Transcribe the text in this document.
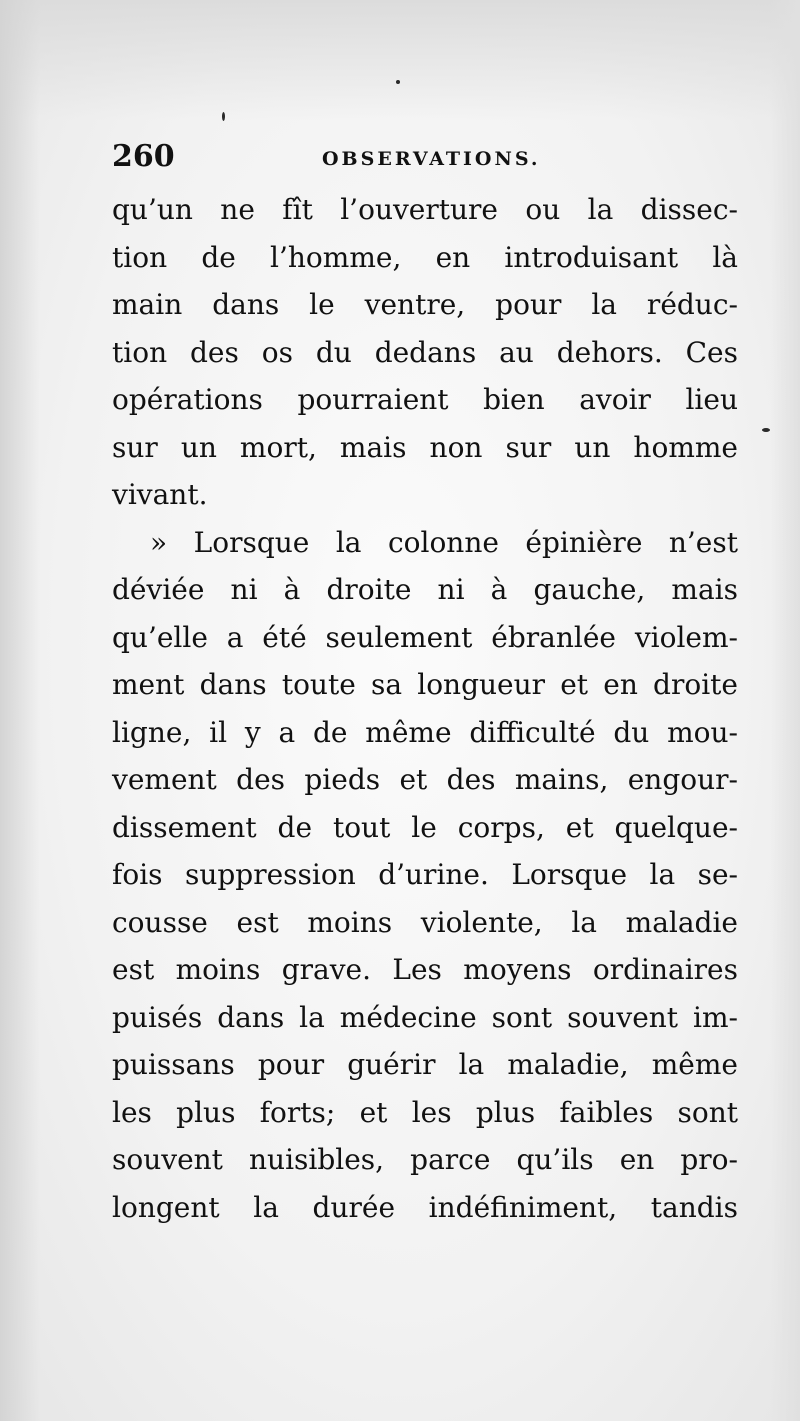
260	OBSERVATIONS.
qu’un ne fît l’ouverture ou la dissec-
tion de l’homme, en introduisant là
main dans le ventre, pour la réduc-
tion des os du dedans au dehors. Ces
opérations pourraient bien avoir lieu
sur un mort, mais non sur un homme
vivant.
» Lorsque la colonne épinière n’est
déviée ni à droite ni à gauche, mais
qu’elle a été seulement ébranlée violem-
ment dans toute sa longueur et en droite
ligne, il y a de même difficulté du mou-
vement des pieds et des mains, engour-
dissement de tout le corps, et quelque-
fois suppression d’urine. Lorsque la se-
cousse est moins violente, la maladie
est moins grave. Les moyens ordinaires
puisés dans la médecine sont souvent im-
puissans pour guérir la maladie, même
les plus forts; et les plus faibles sont
souvent nuisibles, parce qu’ils en pro-
longent la durée indéfiniment, tandis
